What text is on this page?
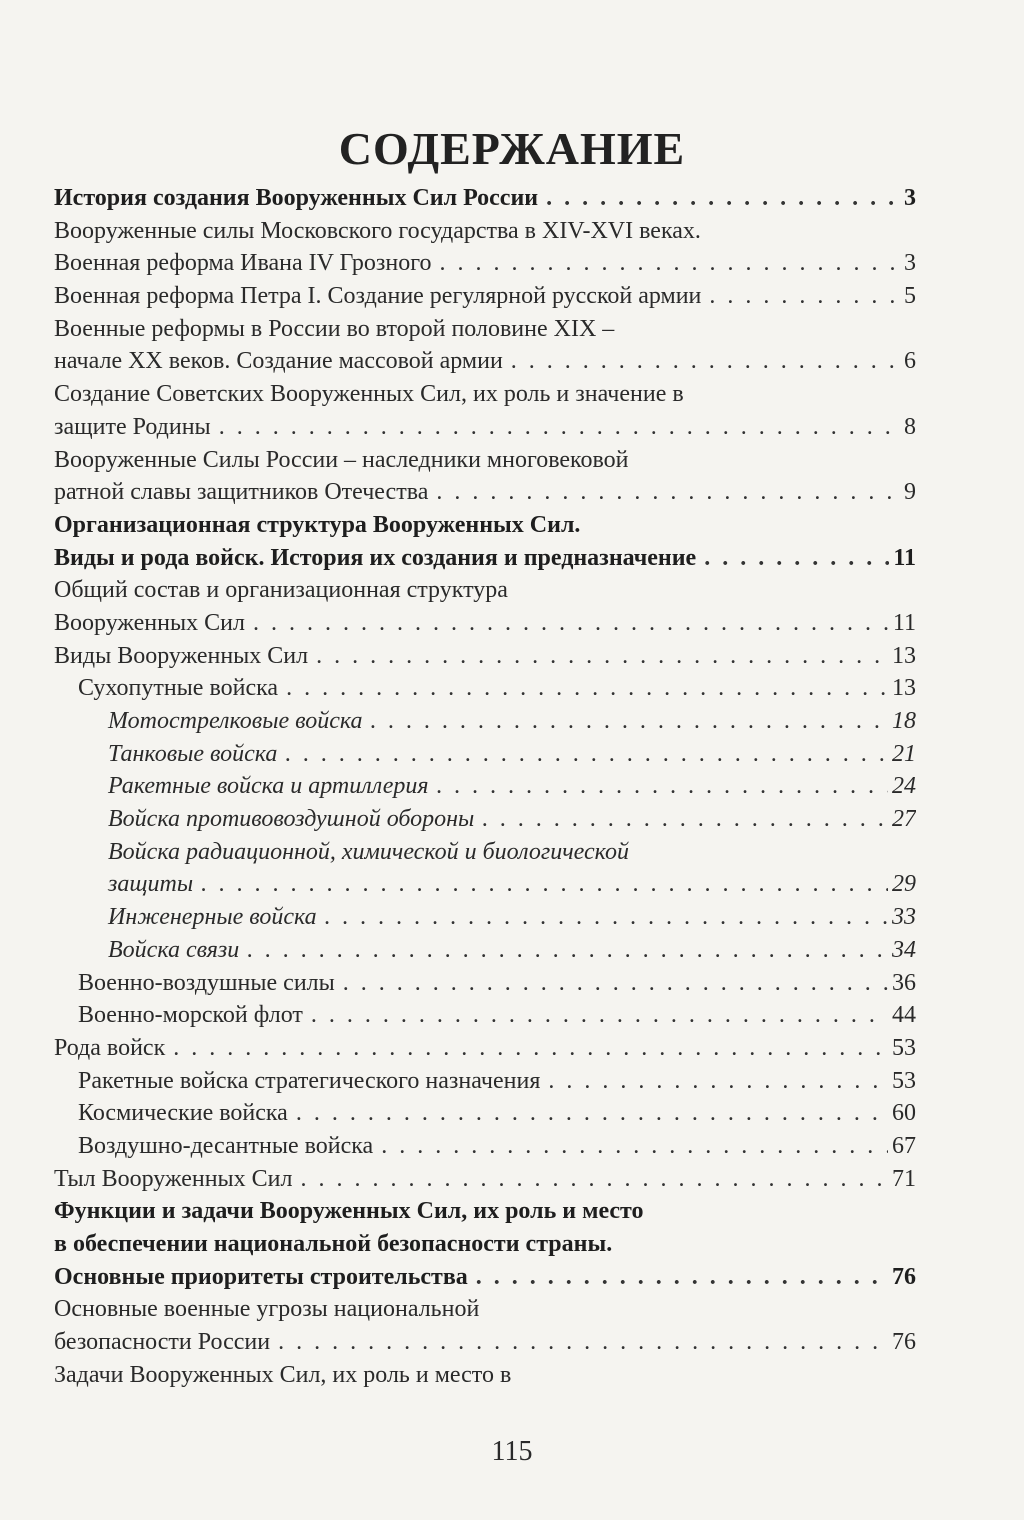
СОДЕРЖАНИЕ
История создания Вооруженных Сил России . . .	3
Вооруженные силы Московского государства в XIV-XVI веках.
Военная реформа Ивана IV Грозного . . .	3
Военная реформа Петра I. Создание регулярной русской армии . . .	5
Военные реформы в России во второй половине XIX –
начале XX веков. Создание массовой армии . . .	6
Создание Советских Вооруженных Сил, их роль и значение в
защите Родины . . .	8
Вооруженные Силы России – наследники многовековой
ратной славы защитников Отечества . . .	9
Организационная структура Вооруженных Сил.
Виды и рода войск. История их создания и предназначение . . .	11
Общий состав и организационная структура
Вооруженных Сил . . .	11
Виды Вооруженных Сил . . .	13
Сухопутные войска . . .	13
Мотострелковые войска . . .	18
Танковые войска . . .	21
Ракетные войска и артиллерия . . .	24
Войска противовоздушной обороны . . .	27
Войска радиационной, химической и биологической
защиты . . .	29
Инженерные войска . . .	33
Войска связи . . .	34
Военно-воздушные силы . . .	36
Военно-морской флот . . .	44
Рода войск . . .	53
Ракетные войска стратегического назначения . . .	53
Космические войска . . .	60
Воздушно-десантные войска . . .	67
Тыл Вооруженных Сил . . .	71
Функции и задачи Вооруженных Сил, их роль и место
в обеспечении национальной безопасности страны.
Основные приоритеты строительства . . .	76
Основные военные угрозы национальной
безопасности России . . .	76
Задачи Вооруженных Сил, их роль и место в
115
